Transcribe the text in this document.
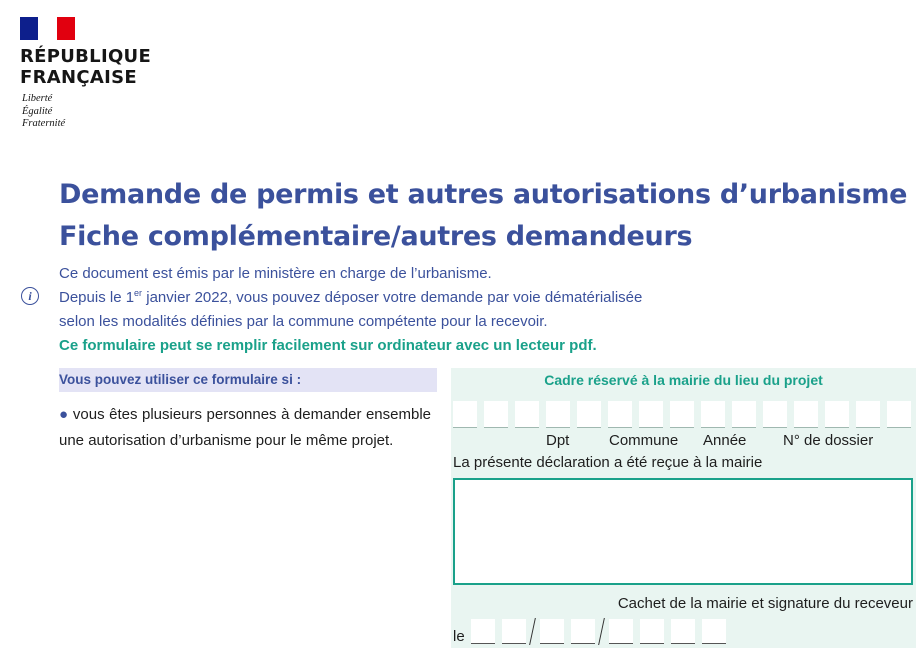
RÉPUBLIQUE
FRANÇAISE
Liberté
Égalité
Fraternité
Demande de permis et autres autorisations d’urbanisme
Fiche complémentaire/autres demandeurs
i
Ce document est émis par le ministère en charge de l’urbanisme.
Depuis le 1er janvier 2022, vous pouvez déposer votre demande par voie dématérialisée
selon les modalités définies par la commune compétente pour la recevoir.
Ce formulaire peut se remplir facilement sur ordinateur avec un lecteur pdf.
Vous pouvez utiliser ce formulaire si :
● vous êtes plusieurs personnes à demander ensemble une autorisation d’urbanisme pour le même projet.
Cadre réservé à la mairie du lieu du projet
Dpt	Commune Année N° de dossier
La présente déclaration a été reçue à la mairie
Cachet de la mairie et signature du receveur
le
